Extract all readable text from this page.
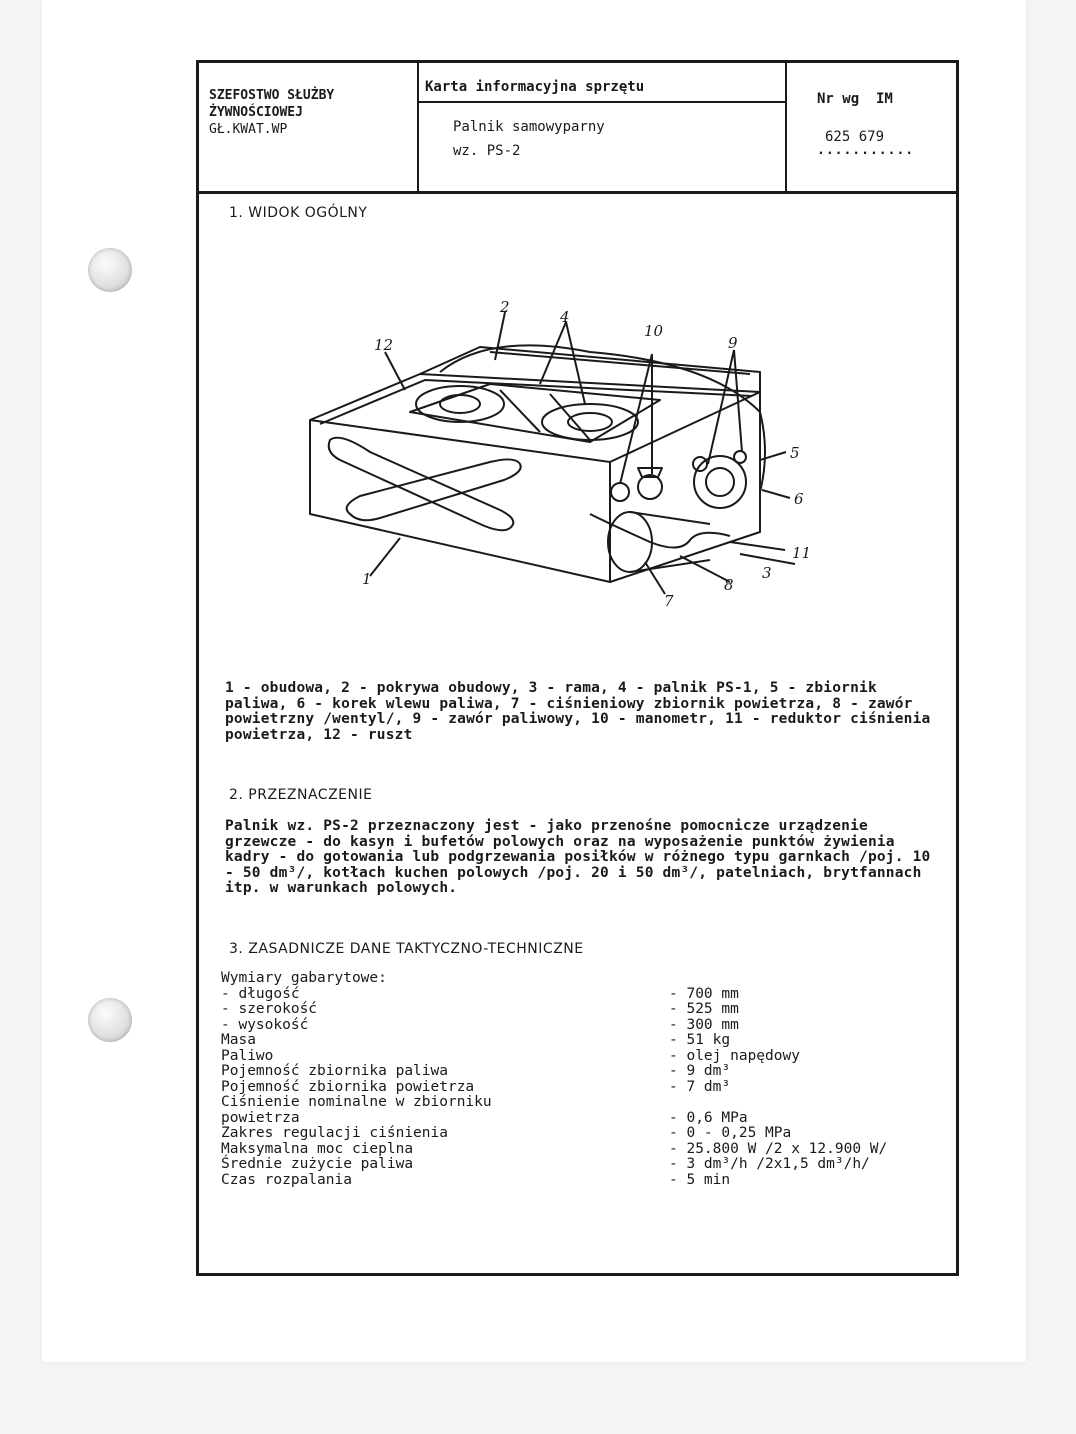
SZEFOSTWO SŁUŻBY
ŻYWNOŚCIOWEJ
GŁ.KWAT.WP
Karta informacyjna sprzętu
Palnik samowyparny
wz. PS-2
Nr wg  IM
625 679
...........
1. WIDOK OGÓLNY
1 - obudowa, 2 - pokrywa obudowy, 3 - rama, 4 - palnik PS-1, 5 - zbiornik paliwa, 6 - korek wlewu paliwa, 7 - ciśnieniowy zbiornik powietrza, 8 - zawór powietrzny /wentyl/, 9 - zawór paliwowy, 10 - manometr, 11 - reduktor ciśnienia powietrza, 12 - ruszt
2. PRZEZNACZENIE
Palnik wz. PS-2 przeznaczony jest - jako przenośne pomocnicze urządzenie grzewcze - do kasyn i bufetów polowych oraz na wyposażenie punktów żywienia kadry - do gotowania lub podgrzewania posiłków w różnego typu garnkach /poj. 10 - 50 dm³/, kotłach kuchen polowych /poj. 20 i 50 dm³/, patelniach, brytfannach itp. w warunkach polowych.
3. ZASADNICZE DANE TAKTYCZNO-TECHNICZNE
Wymiary gabarytowe:
- długość
- szerokość
- wysokość
Masa
Paliwo
Pojemność zbiornika paliwa
Pojemność zbiornika powietrza
Ciśnienie nominalne w zbiorniku
powietrza
Zakres regulacji ciśnienia
Maksymalna moc cieplna
Średnie zużycie paliwa
Czas rozpalania
- 700 mm
- 525 mm
- 300 mm
- 51 kg
- olej napędowy
- 9 dm³
- 7 dm³
- 0,6 MPa
- 0 - 0,25 MPa
- 25.800 W /2 x 12.900 W/
- 3 dm³/h /2x1,5 dm³/h/
- 5 min
1
2
3
4
5
6
7
8
9
10
11
12
